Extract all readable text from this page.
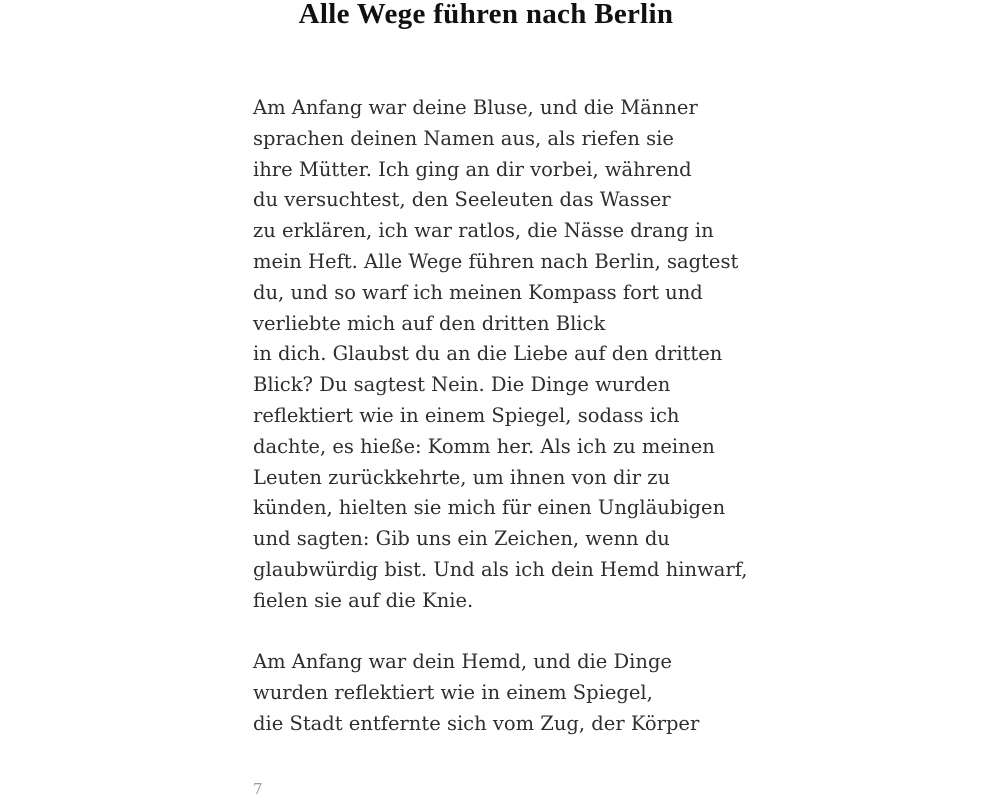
Alle Wege führen nach Berlin
Am Anfang war deine Bluse, und die Männer
sprachen deinen Namen aus, als riefen sie
ihre Mütter. Ich ging an dir vorbei, während
du versuchtest, den Seeleuten das Wasser
zu erklären, ich war ratlos, die Nässe drang in
mein Heft. Alle Wege führen nach Berlin, sagtest
du, und so warf ich meinen Kompass fort und
verliebte mich auf den dritten Blick
in dich. Glaubst du an die Liebe auf den dritten
Blick? Du sagtest Nein. Die Dinge wurden
reflektiert wie in einem Spiegel, sodass ich
dachte, es hieße: Komm her. Als ich zu meinen
Leuten zurückkehrte, um ihnen von dir zu
künden, hielten sie mich für einen Ungläubigen
und sagten: Gib uns ein Zeichen, wenn du
glaubwürdig bist. Und als ich dein Hemd hinwarf,
fielen sie auf die Knie.
Am Anfang war dein Hemd, und die Dinge
wurden reflektiert wie in einem Spiegel,
die Stadt entfernte sich vom Zug, der Körper
7
